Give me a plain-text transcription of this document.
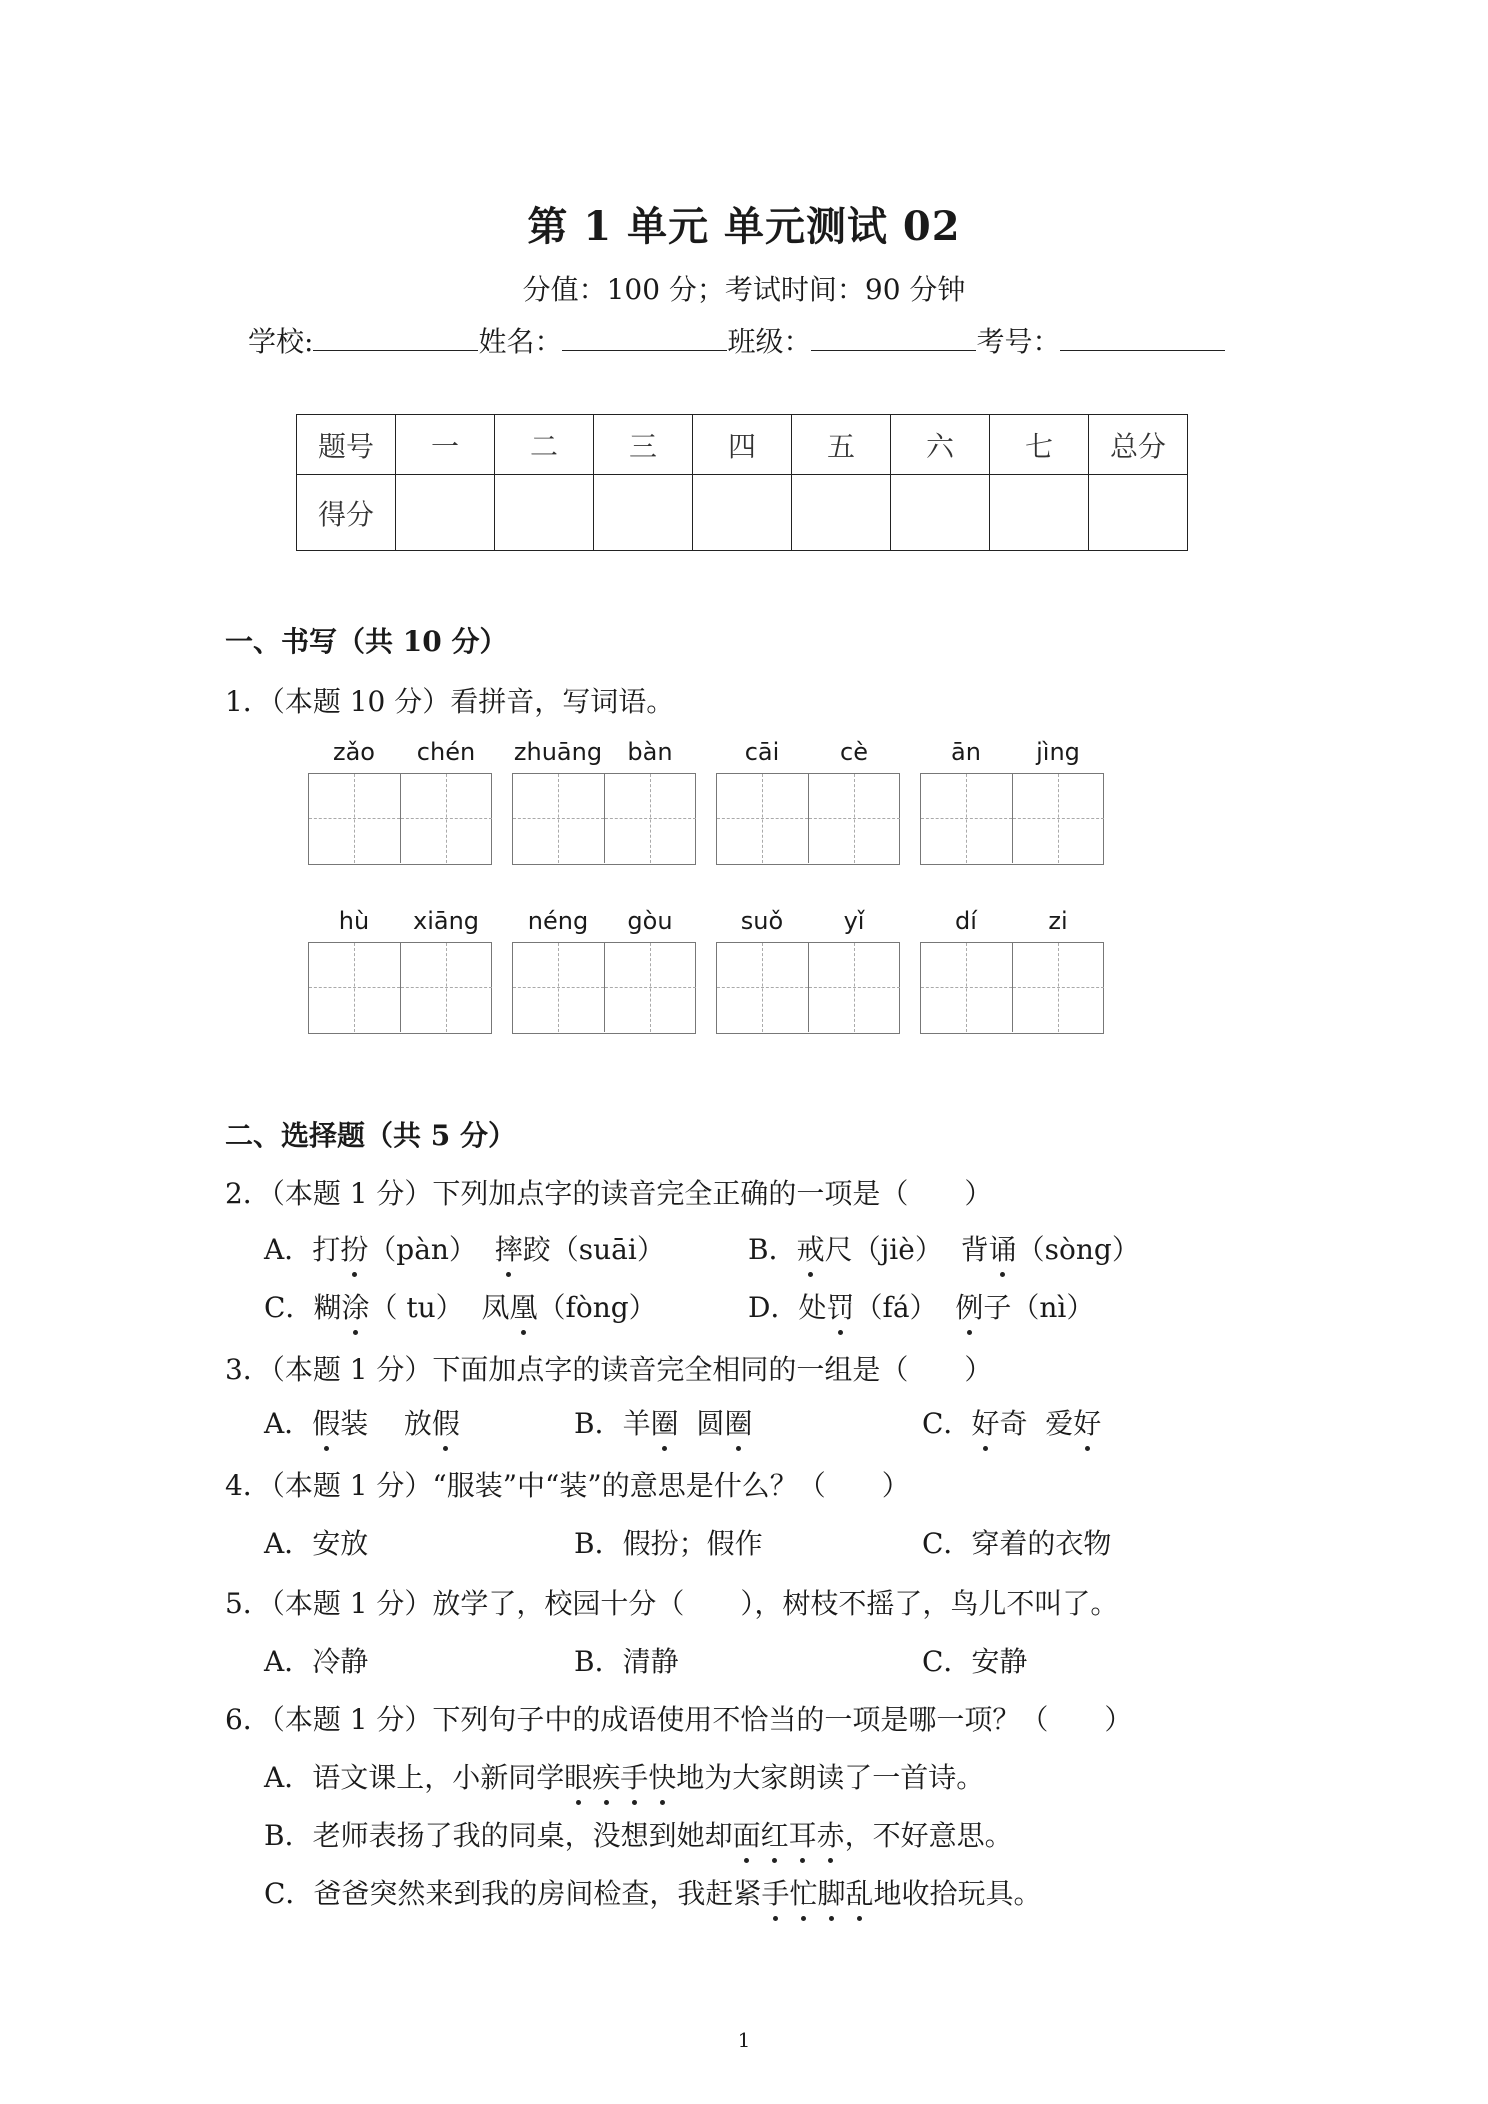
第 1 单元 单元测试 02
分值：100 分；考试时间：90 分钟
学校:	姓名：	班级：	考号：
题号	一	二	三	四	五	六	七	总分
得分								
一、书写（共 10 分）
1．（本题 10 分）看拼音，写词语。
zǎo	chén	zhuāng	bàn	cāi	cè	ān	jìng
hù	xiāng	néng	gòu	suǒ	yǐ	dí	zi
二、选择题（共 5 分）
2．（本题 1 分）下列加点字的读音完全正确的一项是（　　）
A．打扮（pàn） 摔跤（suāi）	B．戒尺（jiè） 背诵（sòng）
C．糊涂（ tu） 凤凰（fòng）	D．处罚（fá） 例子（nì）
3．（本题 1 分）下面加点字的读音完全相同的一组是（　　）
A．假装 放假	B．羊圈 圆圈	C．好奇 爱好
4．（本题 1 分）“服装”中“装”的意思是什么？（　　）
A．安放	B．假扮；假作	C．穿着的衣物
5．（本题 1 分）放学了，校园十分（　　），树枝不摇了，鸟儿不叫了。
A．冷静	B．清静	C．安静
6．（本题 1 分）下列句子中的成语使用不恰当的一项是哪一项？（　　）
A．语文课上，小新同学眼疾手快地为大家朗读了一首诗。
B．老师表扬了我的同桌，没想到她却面红耳赤，不好意思。
C．爸爸突然来到我的房间检查，我赶紧手忙脚乱地收拾玩具。
1
